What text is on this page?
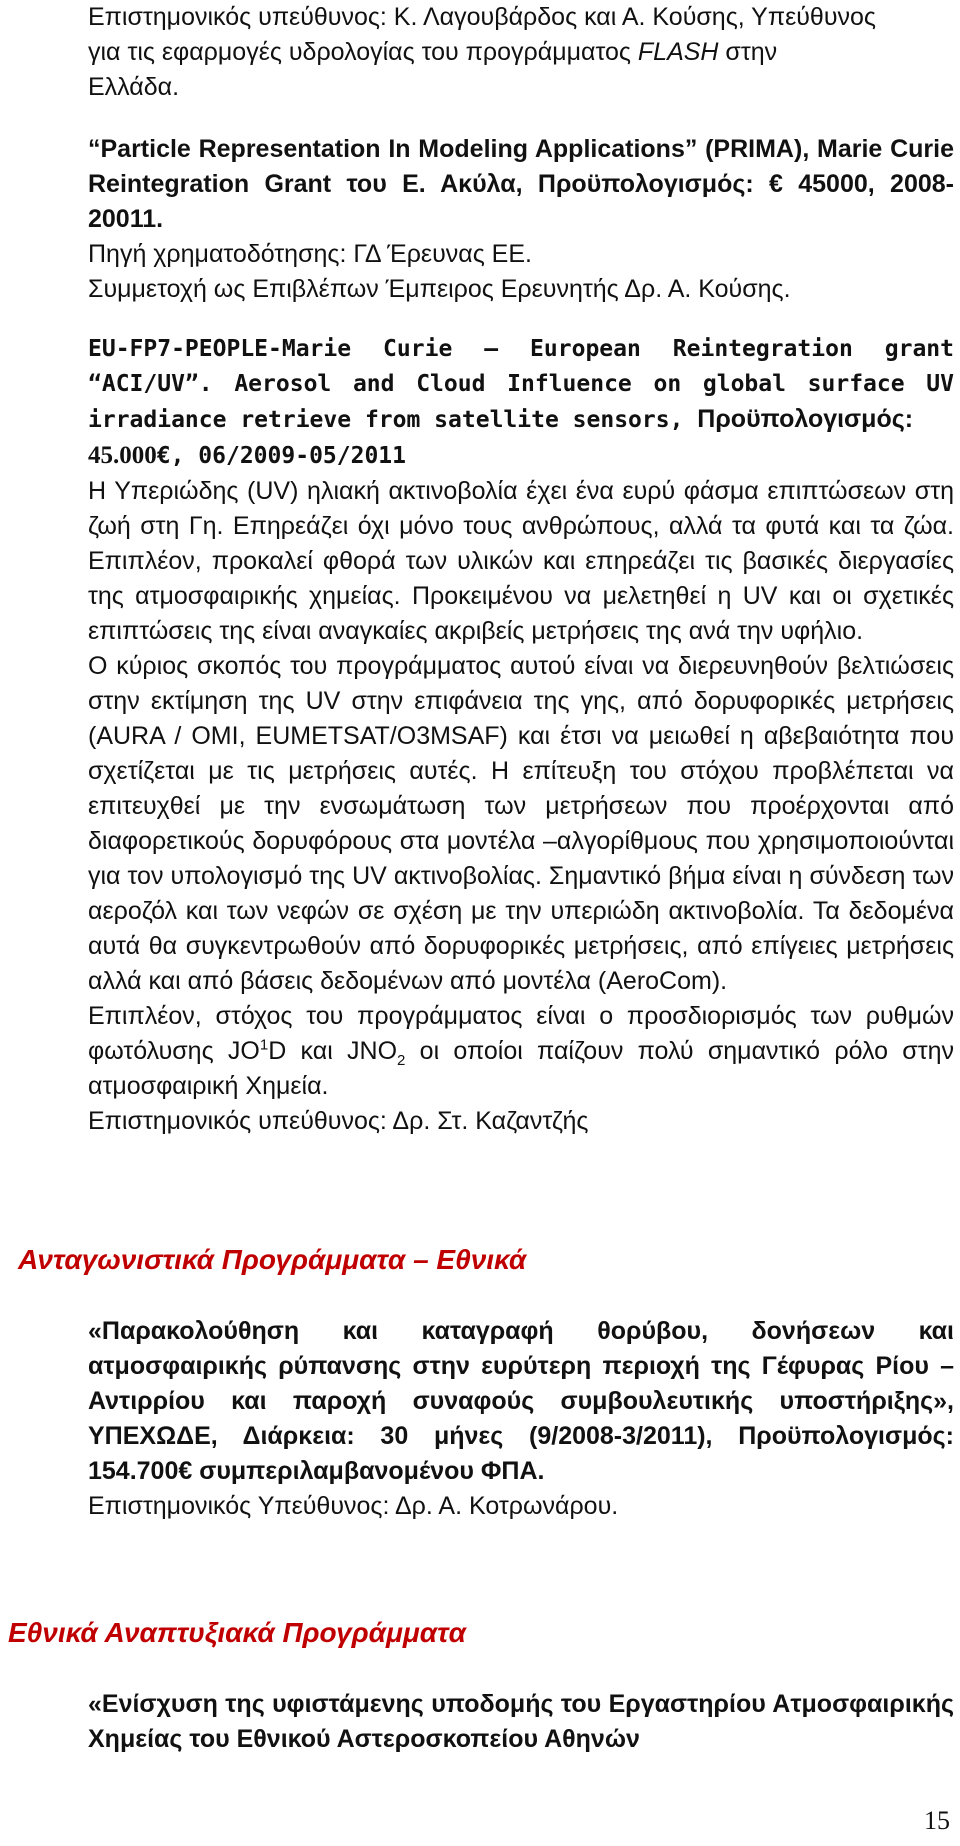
Επιστημονικός υπεύθυνος: Κ. Λαγουβάρδος και Α. Κούσης, Υπεύθυνος
για τις εφαρμογές υδρολογίας του προγράμματος FLASH στην
Ελλάδα.
“Particle Representation In Modeling Applications” (PRIMA), Marie Curie Reintegration Grant του Ε. Ακύλα, Προϋπολογισμός: € 45000, 2008-20011.
Πηγή χρηματοδότησης: ΓΔ Έρευνας ΕΕ.
Συμμετοχή ως Επιβλέπων Έμπειρος Ερευνητής Δρ. Α. Κούσης.
EU-FP7-PEOPLE-Marie Curie – European Reintegration grant
“ACI/UV”. Aerosol and Cloud Influence on global surface UV
irradiance retrieve from satellite sensors, Προϋπολογισμός:
45.000€, 06/2009-05/2011
Η Υπεριώδης (UV) ηλιακή ακτινοβολία έχει ένα ευρύ φάσμα επιπτώσεων στη ζωή στη Γη. Επηρεάζει όχι μόνο τους ανθρώπους, αλλά τα φυτά και τα ζώα. Επιπλέον, προκαλεί φθορά των υλικών και επηρεάζει τις βασικές διεργασίες της ατμοσφαιρικής χημείας. Προκειμένου να μελετηθεί η UV και οι σχετικές επιπτώσεις της είναι αναγκαίες ακριβείς μετρήσεις της ανά την υφήλιο.
Ο κύριος σκοπός του προγράμματος αυτού είναι να διερευνηθούν βελτιώσεις στην εκτίμηση της UV στην επιφάνεια της γης, από δορυφορικές μετρήσεις (AURA / OMI, EUMETSAT/O3MSAF) και έτσι να μειωθεί η αβεβαιότητα που σχετίζεται με τις μετρήσεις αυτές. Η επίτευξη του στόχου προβλέπεται να επιτευχθεί με την ενσωμάτωση των μετρήσεων που προέρχονται από διαφορετικούς δορυφόρους στα μοντέλα –αλγορίθμους που χρησιμοποιούνται για τον υπολογισμό της UV ακτινοβολίας. Σημαντικό βήμα είναι η σύνδεση των αεροζόλ και των νεφών σε σχέση με την υπεριώδη ακτινοβολία. Τα δεδομένα αυτά θα συγκεντρωθούν από δορυφορικές μετρήσεις, από επίγειες μετρήσεις αλλά και από βάσεις δεδομένων από μοντέλα (AeroCom).
Επιπλέον, στόχος του προγράμματος είναι ο προσδιορισμός των ρυθμών φωτόλυσης $JO^1D$ και $JNO_2$ οι οποίοι παίζουν πολύ σημαντικό ρόλο στην ατμοσφαιρική Χημεία.
Επιστημονικός υπεύθυνος: Δρ. Στ. Καζαντζής
Ανταγωνιστικά Προγράμματα – Εθνικά
«Παρακολούθηση και καταγραφή θορύβου, δονήσεων και ατμοσφαιρικής ρύπανσης στην ευρύτερη περιοχή της Γέφυρας Ρίου – Αντιρρίου και παροχή συναφούς συμβουλευτικής υποστήριξης», ΥΠΕΧΩΔΕ, Διάρκεια: 30 μήνες (9/2008-3/2011), Προϋπολογισμός: 154.700€ συμπεριλαμβανομένου ΦΠΑ.
Επιστημονικός Υπεύθυνος: Δρ. Α. Κοτρωνάρου.
Εθνικά Αναπτυξιακά Προγράμματα
«Ενίσχυση της υφιστάμενης υποδομής του Εργαστηρίου Ατμοσφαιρικής Χημείας του Εθνικού Αστεροσκοπείου Αθηνών
15
